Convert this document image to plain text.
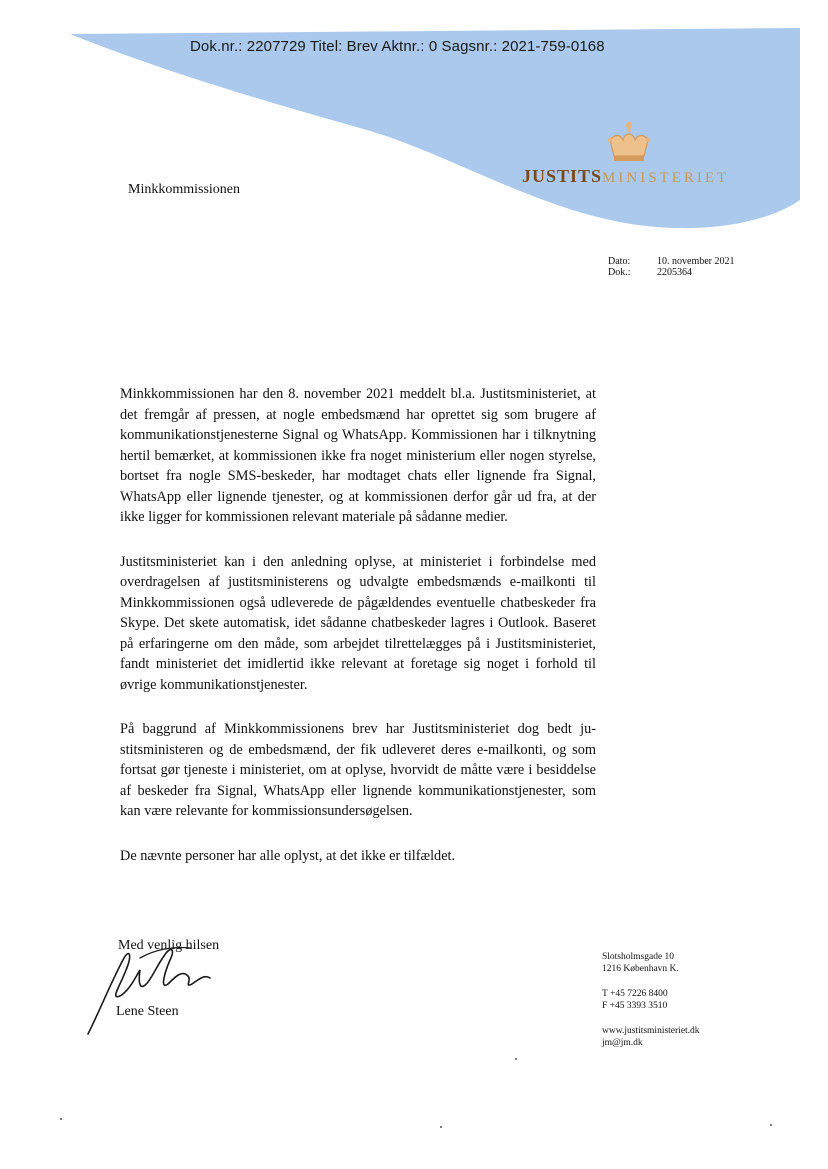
Dok.nr.: 2207729 Titel: Brev Aktnr.: 0 Sagsnr.: 2021-759-0168
JUSTITSMINISTERIET
Minkkommissionen
Dato:	10. november 2021
Dok.:	2205364

Minkkommissionen har den 8. november 2021 meddelt bl.a. Justitsministeriet, at det fremgår af pressen, at nogle embedsmænd har oprettet sig som brugere af kommunikationstjenesterne Signal og WhatsApp. Kommissionen har i tilknytning hertil bemærket, at kommissionen ikke fra noget ministerium eller nogen styrelse, bortset fra nogle SMS-beskeder, har modtaget chats eller lignende fra Signal, WhatsApp eller lignende tjenester, og at kommissionen derfor går ud fra, at der ikke ligger for kommissionen relevant materiale på sådanne medier.

Justitsministeriet kan i den anledning oplyse, at ministeriet i forbindelse med overdragelsen af justitsministerens og udvalgte embedsmænds e-mailkonti til Minkkommissionen også udleverede de pågældendes eventuelle chatbeskeder fra Skype. Det skete automatisk, idet sådanne chatbeskeder lagres i Outlook. Baseret på erfaringerne om den måde, som arbejdet tilrettelægges på i Justitsministeriet, fandt ministeriet det imidlertid ikke relevant at foretage sig noget i forhold til øvrige kommunikationstjenester.

På baggrund af Minkkommissionens brev har Justitsministeriet dog bedt justitsministeren og de embedsmænd, der fik udleveret deres e-mailkonti, og som fortsat gør tjeneste i ministeriet, om at oplyse, hvorvidt de måtte være i besiddelse af beskeder fra Signal, WhatsApp eller lignende kommunikationstjenester, som kan være relevante for kommissionsundersøgelsen.

De nævnte personer har alle oplyst, at det ikke er tilfældet.

Med venlig hilsen
Lene Steen
Slotsholmsgade 10
1216 København K.
T +45 7226 8400
F +45 3393 3510
www.justitsministeriet.dk
jm@jm.dk
